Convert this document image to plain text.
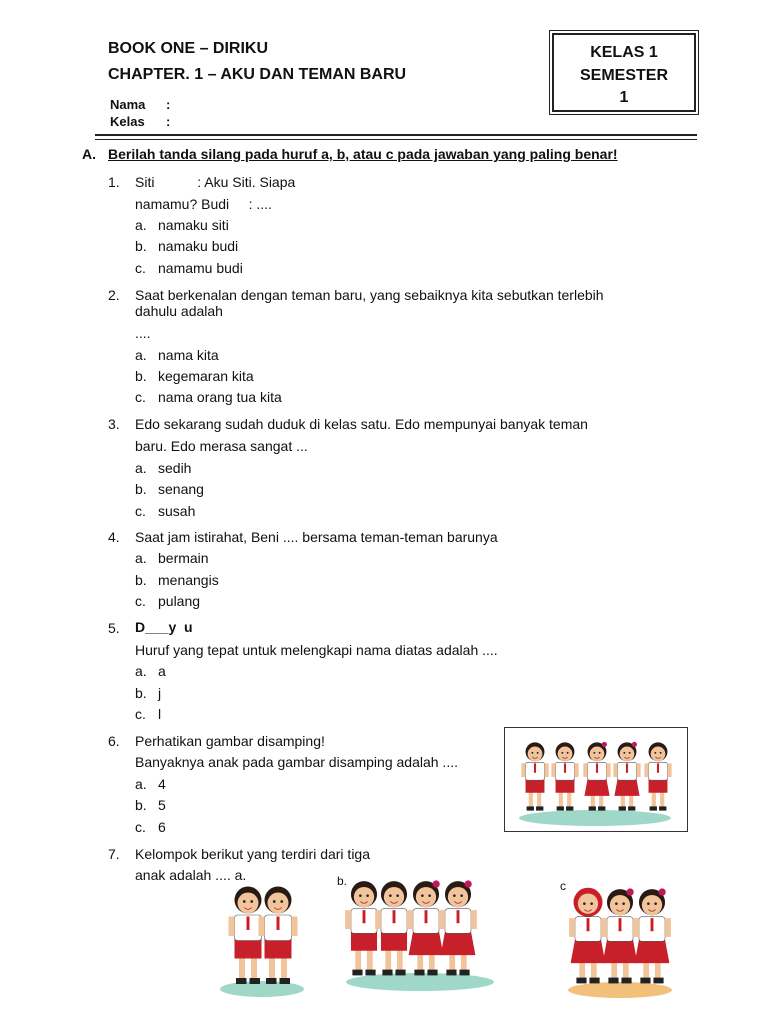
BOOK ONE – DIRIKU
CHAPTER. 1 – AKU DAN TEMAN BARU
Nama :
Kelas :
KELAS 1
SEMESTER
1
A. Berilah tanda silang pada huruf a, b, atau c pada jawaban yang paling benar!
1. Siti           : Aku Siti. Siapa
namamu? Budi     : ....
a. namaku siti
b. namaku budi
c. namamu budi
2. Saat berkenalan dengan teman baru, yang sebaiknya kita sebutkan terlebih
dahulu adalah
....
a. nama kita
b. kegemaran kita
c. nama orang tua kita
3. Edo sekarang sudah duduk di kelas satu. Edo mempunyai banyak teman
baru. Edo merasa sangat ...
a. sedih
b. senang
c. susah
4. Saat jam istirahat, Beni .... bersama teman-teman barunya
a. bermain
b. menangis
c. pulang
5. D___y  u
Huruf yang tepat untuk melengkapi nama diatas adalah ....
a. a
b. j
c. l
6. Perhatikan gambar disamping!
Banyaknya anak pada gambar disamping adalah ....
a. 4
b. 5
c. 6
7. Kelompok berikut yang terdiri dari tiga
anak adalah .... a.	b.	c
